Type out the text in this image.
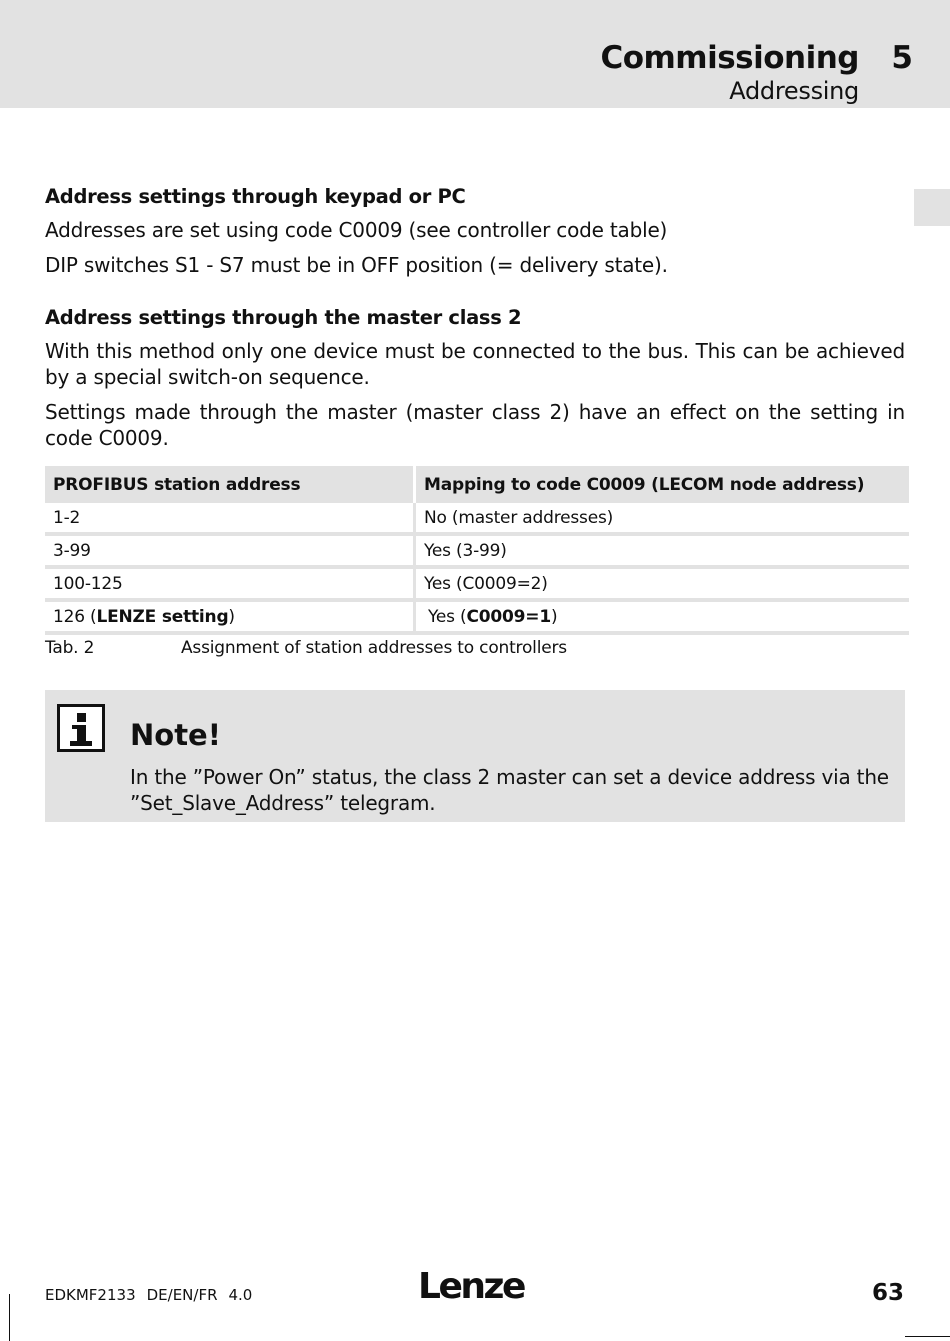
Commissioning 5
Addressing
Address settings through keypad or PC
Addresses are set using code C0009 (see controller code table)
DIP switches S1 - S7 must be in OFF position (= delivery state).
Address settings through the master class 2
With this method only one device must be connected to the bus. This can be achieved by a special switch-on sequence.
Settings made through the master (master class 2) have an effect on the setting in code C0009.
PROFIBUS station address	Mapping to code C0009 (LECOM node address)
1-2	No (master addresses)
3-99	Yes (3-99)
100-125	Yes (C0009=2)
126 (LENZE setting)	Yes (C0009=1)
Tab. 2	Assignment of station addresses to controllers
Note!
In the ”Power On” status, the class 2 master can set a device address via the ”Set_Slave_Address” telegram.
EDKMF2133 DE/EN/FR 4.0	Lenze	63
